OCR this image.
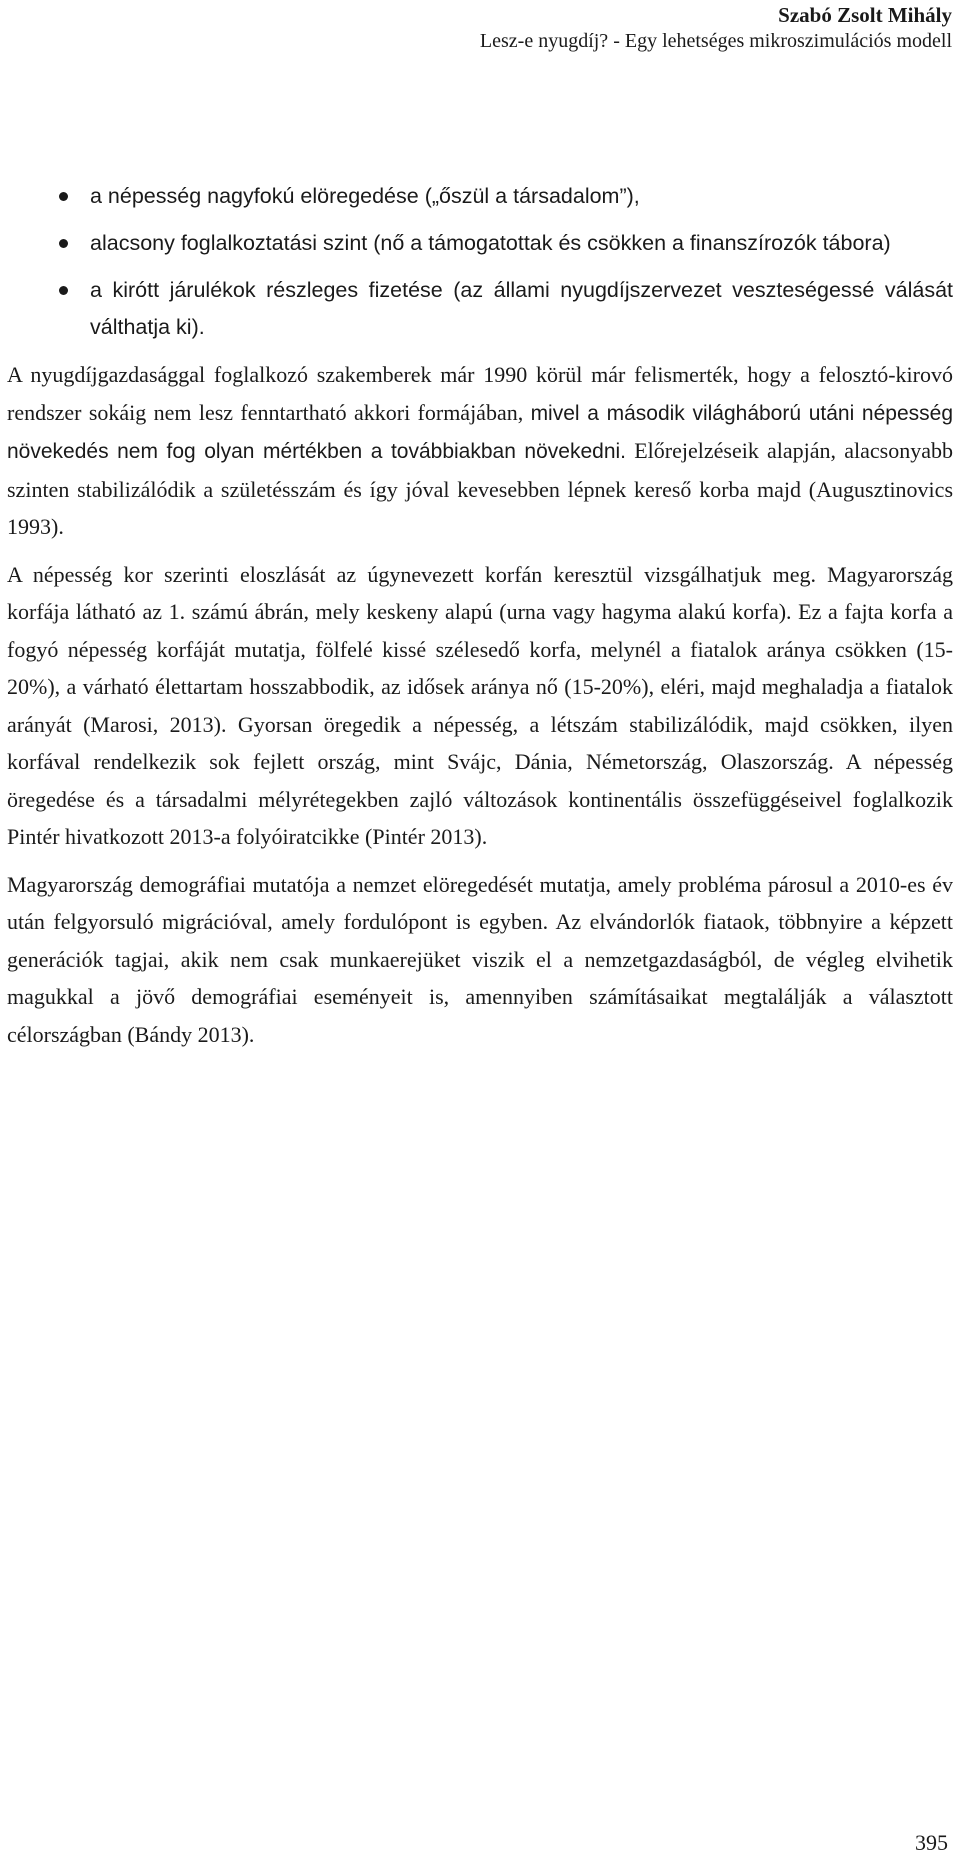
Szabó Zsolt Mihály
Lesz-e nyugdíj? - Egy lehetséges mikroszimulációs modell
a népesség nagyfokú elöregedése („őszül a társadalom”),
alacsony foglalkoztatási szint (nő a támogatottak és csökken a finanszírozók tábora)
a kirótt járulékok részleges fizetése (az állami nyugdíjszervezet veszteségessé válását válthatja ki).

A nyugdíjgazdasággal foglalkozó szakemberek már 1990 körül már felismerték, hogy a felosztó-kirovó rendszer sokáig nem lesz fenntartható akkori formájában, mivel a második világháború utáni népesség növekedés nem fog olyan mértékben a továbbiakban növekedni. Előrejelzéseik alapján, alacsonyabb szinten stabilizálódik a születésszám és így jóval kevesebben lépnek kereső korba majd (Augusztinovics 1993).

A népesség kor szerinti eloszlását az úgynevezett korfán keresztül vizsgálhatjuk meg. Magyarország korfája látható az 1. számú ábrán, mely keskeny alapú (urna vagy hagyma alakú korfa). Ez a fajta korfa a fogyó népesség korfáját mutatja, fölfelé kissé szélesedő korfa, melynél a fiatalok aránya csökken (15-20%), a várható élettartam hosszabbodik, az idősek aránya nő (15-20%), eléri, majd meghaladja a fiatalok arányát (Marosi, 2013). Gyorsan öregedik a népesség, a létszám stabilizálódik, majd csökken, ilyen korfával rendelkezik sok fejlett ország, mint Svájc, Dánia, Németország, Olaszország. A népesség öregedése és a társadalmi mélyrétegekben zajló változások kontinentális összefüggéseivel foglalkozik Pintér hivatkozott 2013-a folyóiratcikke (Pintér 2013).

Magyarország demográfiai mutatója a nemzet elöregedését mutatja, amely probléma párosul a 2010-es év után felgyorsuló migrációval, amely fordulópont is egyben. Az elvándorlók fiataok, többnyire a képzett generációk tagjai, akik nem csak munkaerejüket viszik el a nemzetgazdaságból, de végleg elvihetik magukkal a jövő demográfiai eseményeit is, amennyiben számításaikat megtalálják a választott célországban (Bándy 2013).

395
